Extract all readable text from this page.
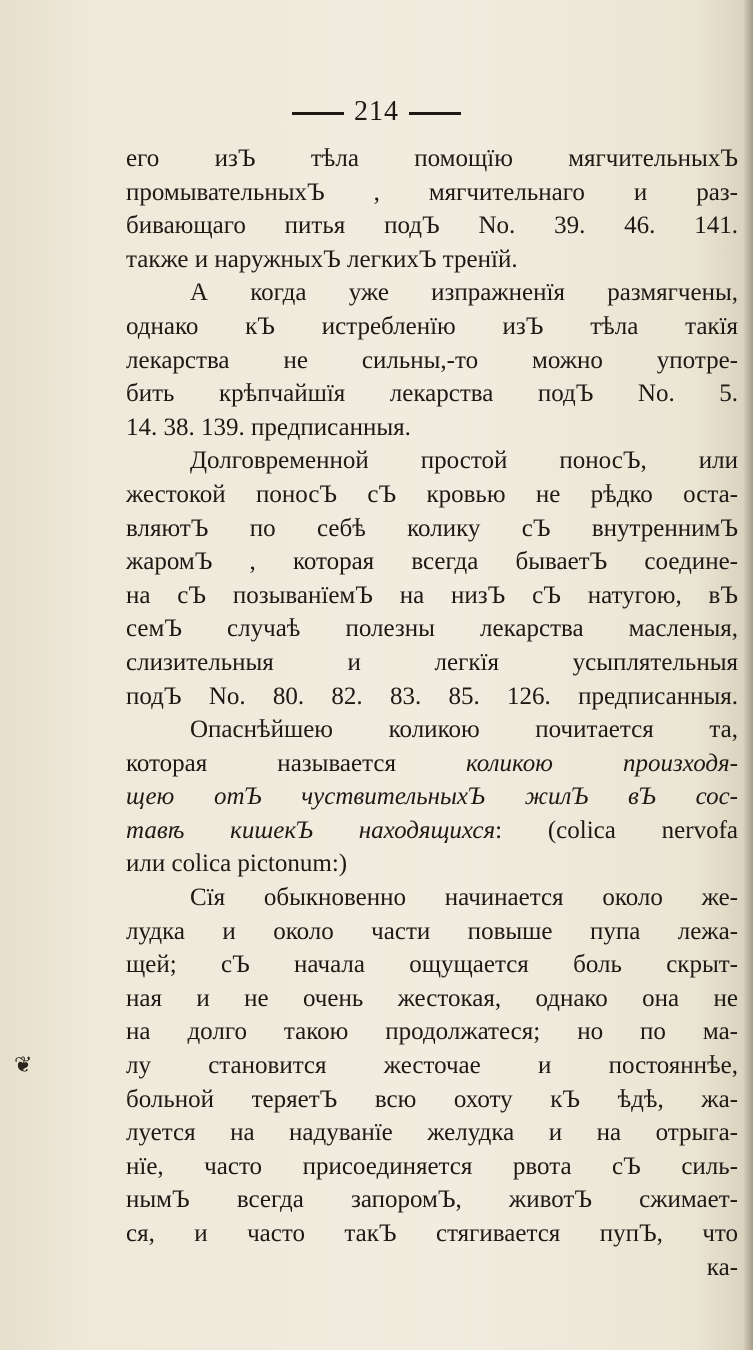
214
❦
его изЪ тѣла помощїю мягчительныхЪ
промывательныхЪ , мягчительнаго и раз-
бивающаго питья подЪ No. 39. 46. 141.
также и наружныхЪ легкихЪ тренїй.
А когда уже изпражненїя размягчены,
однако кЪ истребленїю изЪ тѣла такїя
лекарства не сильны,-то можно употре-
бить крѣпчайшїя лекарства подЪ No. 5.
14. 38. 139. предписанныя.
Долговременной простой поносЪ, или
жестокой поносЪ сЪ кровью не рѣдко оста-
вляютЪ по себѣ колику сЪ внутреннимЪ
жаромЪ , которая всегда бываетЪ соедине-
на сЪ позыванїемЪ на низЪ сЪ натугою, вЪ
семЪ случаѣ полезны лекарства масленыя,
слизительныя и легкїя усыплятельныя
подЪ No. 80. 82. 83. 85. 126. предписанныя.
Опаснѣйшею коликою почитается та,
которая называется коликою произходя-
щею отЪ чуствительныхЪ жилЪ вЪ сос-
тавѣ кишекЪ находящихся: (colica nervofa
или colica pictonum:)
Сїя обыкновенно начинается около же-
лудка и около части повыше пупа лежа-
щей; сЪ начала ощущается боль скрыт-
ная и не очень жестокая, однако она не
на долго такою продолжатеся; но по ма-
лу становится жесточае и постояннѣе,
больной теряетЪ всю охоту кЪ ѣдѣ, жа-
луется на надуванїе желудка и на отрыга-
нїе, часто присоединяется рвота сЪ силь-
нымЪ всегда запоромЪ, животЪ сжимает-
ся, и часто такЪ стягивается пупЪ, что
ка-
